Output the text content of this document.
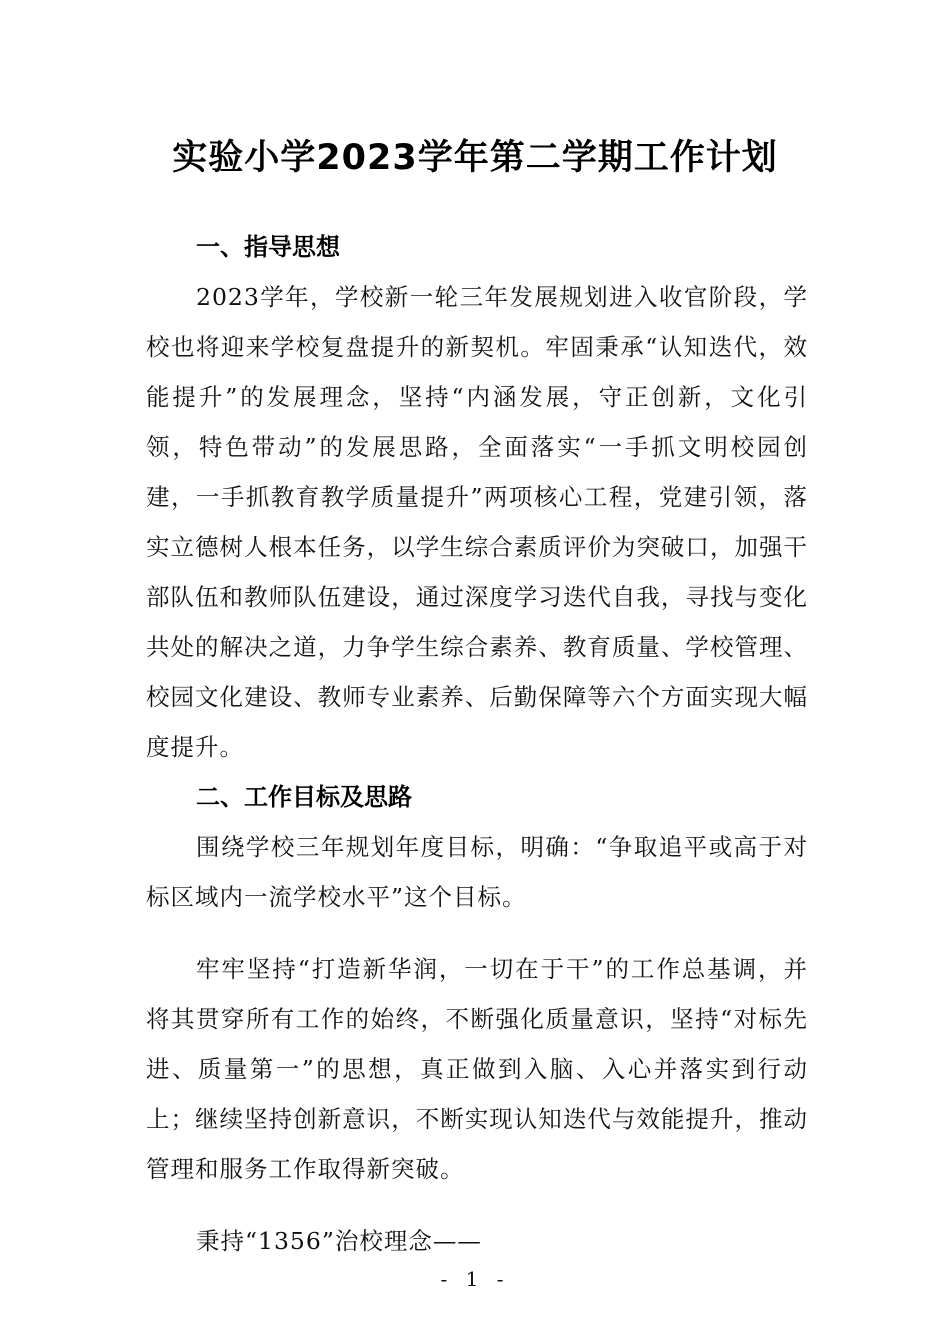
实验小学2023学年第二学期工作计划
一、指导思想

2023学年，学校新一轮三年发展规划进入收官阶段，学校也将迎来学校复盘提升的新契机。牢固秉承“认知迭代，效能提升”的发展理念，坚持“内涵发展，守正创新，文化引领，特色带动”的发展思路，全面落实“一手抓文明校园创建，一手抓教育教学质量提升”两项核心工程，党建引领，落实立德树人根本任务，以学生综合素质评价为突破口，加强干部队伍和教师队伍建设，通过深度学习迭代自我，寻找与变化共处的解决之道，力争学生综合素养、教育质量、学校管理、校园文化建设、教师专业素养、后勤保障等六个方面实现大幅度提升。

二、工作目标及思路

围绕学校三年规划年度目标，明确：“争取追平或高于对标区域内一流学校水平”这个目标。

牢牢坚持“打造新华润，一切在于干”的工作总基调，并将其贯穿所有工作的始终，不断强化质量意识，坚持“对标先进、质量第一”的思想，真正做到入脑、入心并落实到行动上；继续坚持创新意识，不断实现认知迭代与效能提升，推动管理和服务工作取得新突破。

秉持“1356”治校理念——

- 1 -
